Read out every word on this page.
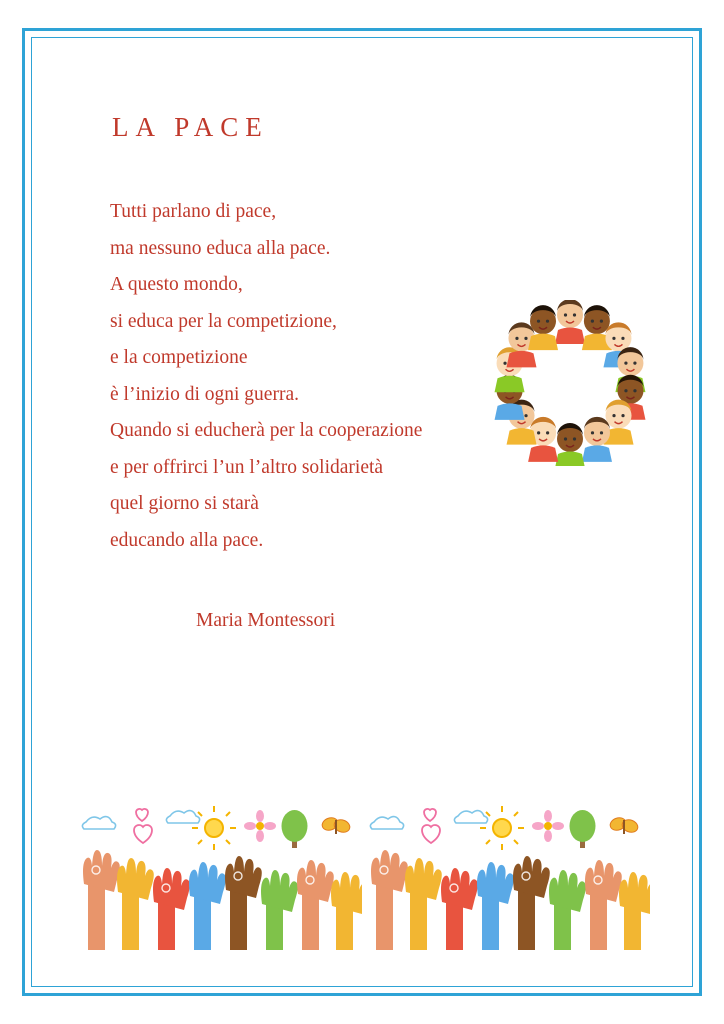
LA PACE
Tutti parlano di pace,
ma nessuno educa alla pace.
A questo mondo,
si educa per la competizione,
e la competizione
è l’inizio di ogni guerra.
Quando si educherà per la cooperazione
e per offrirci l’un l’altro solidarietà
quel giorno si starà
educando alla pace.
Maria Montessori
